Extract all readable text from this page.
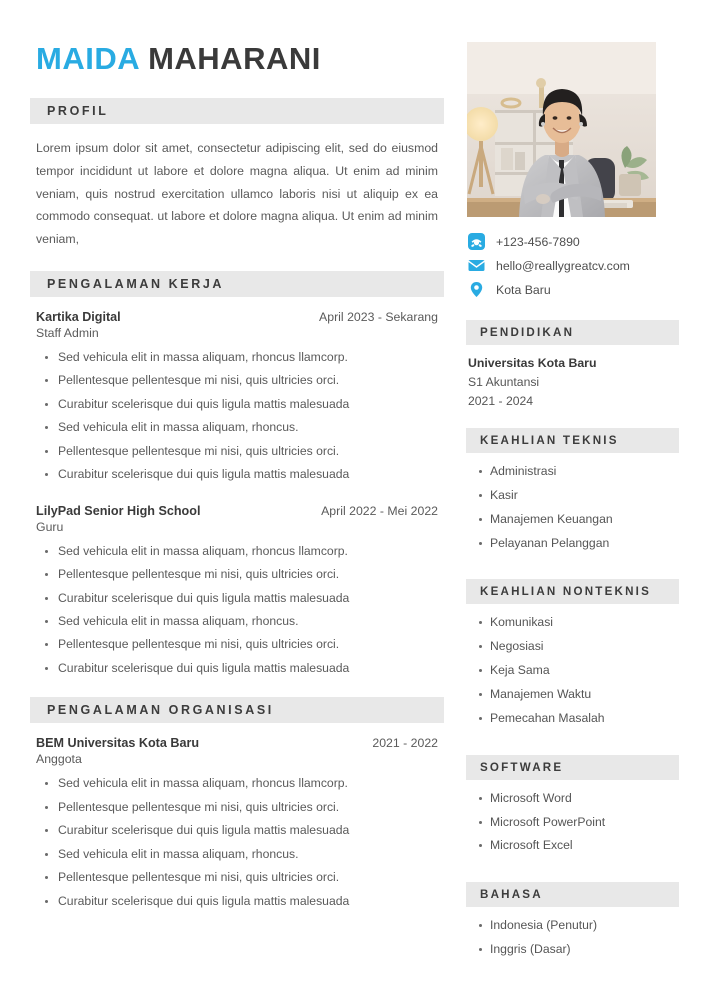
MAIDA MAHARANI
PROFIL

Lorem ipsum dolor sit amet, consectetur adipiscing elit, sed do eiusmod tempor incididunt ut labore et dolore magna aliqua. Ut enim ad minim veniam, quis nostrud exercitation ullamco laboris nisi ut aliquip ex ea commodo consequat. ut labore et dolore magna aliqua. Ut enim ad minim veniam,

PENGALAMAN KERJA
Kartika Digital	April 2023 - Sekarang
Staff Admin
Sed vehicula elit in massa aliquam, rhoncus llamcorp.
Pellentesque pellentesque mi nisi, quis ultricies orci.
Curabitur scelerisque dui quis ligula mattis malesuada
Sed vehicula elit in massa aliquam, rhoncus.
Pellentesque pellentesque mi nisi, quis ultricies orci.
Curabitur scelerisque dui quis ligula mattis malesuada
LilyPad Senior High School	April 2022 - Mei 2022
Guru
Sed vehicula elit in massa aliquam, rhoncus llamcorp.
Pellentesque pellentesque mi nisi, quis ultricies orci.
Curabitur scelerisque dui quis ligula mattis malesuada
Sed vehicula elit in massa aliquam, rhoncus.
Pellentesque pellentesque mi nisi, quis ultricies orci.
Curabitur scelerisque dui quis ligula mattis malesuada
PENGALAMAN ORGANISASI
BEM Universitas Kota Baru	2021 - 2022
Anggota
Sed vehicula elit in massa aliquam, rhoncus llamcorp.
Pellentesque pellentesque mi nisi, quis ultricies orci.
Curabitur scelerisque dui quis ligula mattis malesuada
Sed vehicula elit in massa aliquam, rhoncus.
Pellentesque pellentesque mi nisi, quis ultricies orci.
Curabitur scelerisque dui quis ligula mattis malesuada
+123-456-7890
hello@reallygreatcv.com
Kota Baru
PENDIDIKAN
Universitas Kota Baru
S1 Akuntansi
2021 - 2024
KEAHLIAN TEKNIS
Administrasi
Kasir
Manajemen Keuangan
Pelayanan Pelanggan
KEAHLIAN NONTEKNIS
Komunikasi
Negosiasi
Keja Sama
Manajemen Waktu
Pemecahan Masalah
SOFTWARE
Microsoft Word
Microsoft PowerPoint
Microsoft Excel
BAHASA
Indonesia (Penutur)
Inggris (Dasar)
